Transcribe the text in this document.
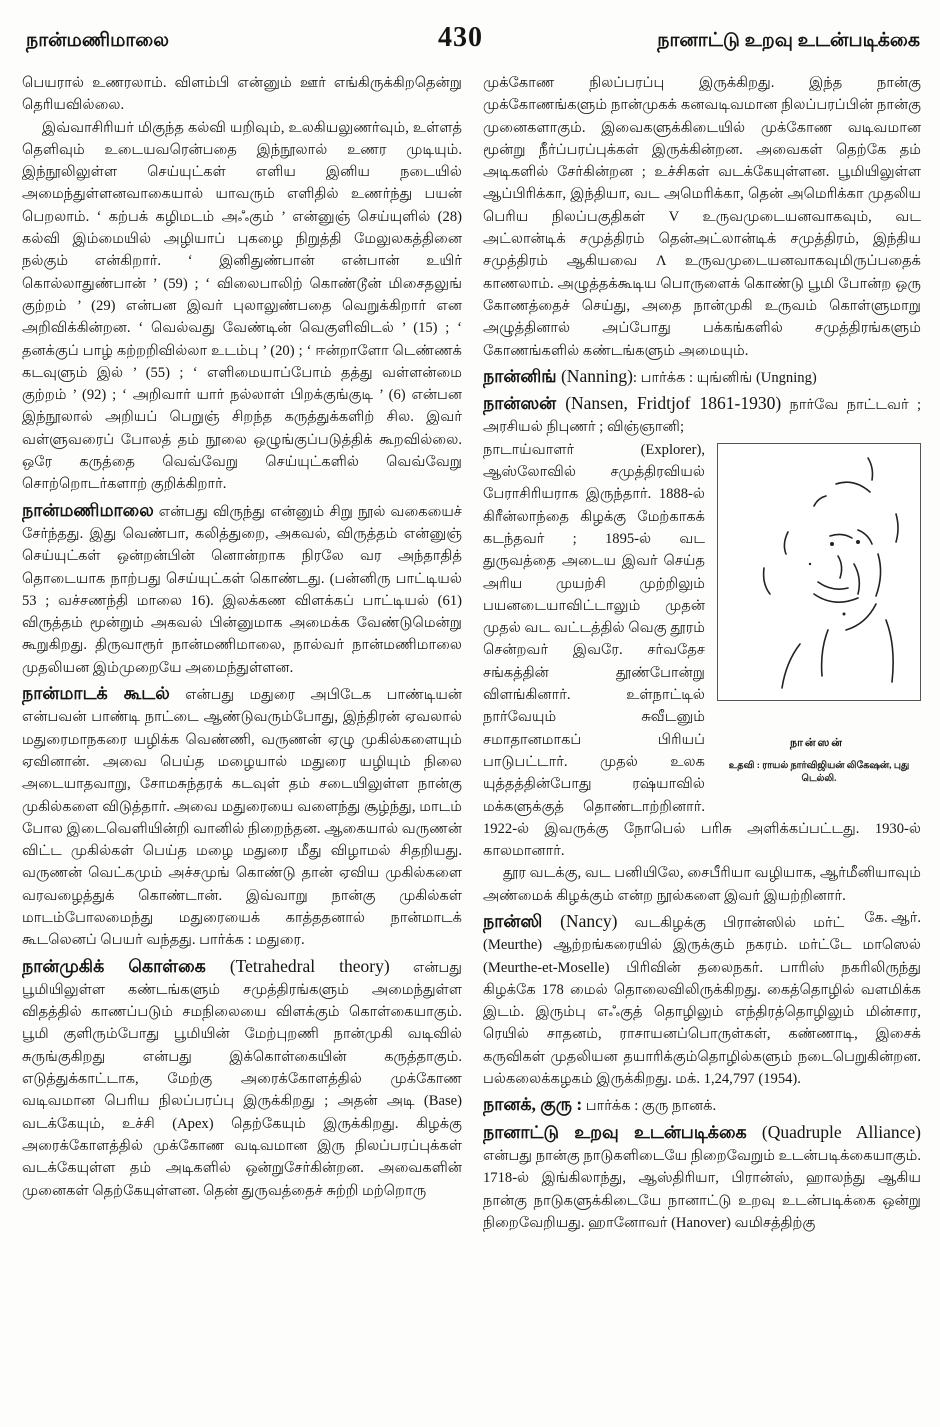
நான்மணிமாலை	430	நானாட்டு உறவு உடன்படிக்கை

பெயரால் உணரலாம். விளம்பி என்னும் ஊர் எங்கிருக்கிறதென்று தெரியவில்லை.

இவ்வாசிரியர் மிகுந்த கல்வி யறிவும், உலகியலுணர்வும், உள்ளத் தெளிவும் உடையவரென்பதை இந்நூலால் உணர முடியும். இந்நூலிலுள்ள செய்யுட்கள் எளிய இனிய நடையில் அமைந்துள்ளனவாகையால் யாவரும் எளிதில் உணர்ந்து பயன் பெறலாம். ‘ கற்பக் கழிமடம் அஃகும் ’ என்னுஞ் செய்யுளில் (28) கல்வி இம்மையில் அழியாப் புகழை நிறுத்தி மேலுலகத்தினை நல்கும் என்கிறார். ‘ இனிதுண்பான் என்பான் உயிர் கொல்லாதுண்பான் ’ (59) ; ‘ விலைபாலிற் கொண்டூன் மிசைதலுங் குற்றம் ’ (29) என்பன இவர் புலாலுண்பதை வெறுக்கிறார் என அறிவிக்கின்றன. ‘ வெல்வது வேண்டின் வெகுளிவிடல் ’ (15) ; ‘ தனக்குப் பாழ் கற்றறிவில்லா உடம்பு ’ (20) ; ‘ ஈன்றாளோ டெண்ணக் கடவுளும் இல் ’ (55) ; ‘ எளிமையாப்போம் தத்து வள்ளன்மை குற்றம் ’ (92) ; ‘ அறிவார் யார் நல்லாள் பிறக்குங்குடி ’ (6) என்பன இந்நூலால் அறியப் பெறுஞ் சிறந்த கருத்துக்களிற் சில. இவர் வள்ளுவரைப் போலத் தம் நூலை ஒழுங்குப்படுத்திக் கூறவில்லை. ஒரே கருத்தை வெவ்வேறு செய்யுட்களில் வெவ்வேறு சொற்றொடர்களாற் குறிக்கிறார்.

நான்மணிமாலை என்பது விருந்து என்னும் சிறு நூல் வகையைச் சேர்ந்தது. இது வெண்பா, கலித்துறை, அகவல், விருத்தம் என்னுஞ் செய்யுட்கள் ஒன்றன்பின் னொன்றாக நிரலே வர அந்தாதித் தொடையாக நாற்பது செய்யுட்கள் கொண்டது. (பன்னிரு பாட்டியல் 53 ; வச்சணந்தி மாலை 16). இலக்கண விளக்கப் பாட்டியல் (61) விருத்தம் மூன்றும் அகவல் பின்னுமாக அமைக்க வேண்டுமென்று கூறுகிறது. திருவாரூர் நான்மணிமாலை, நால்வர் நான்மணிமாலை முதலியன இம்முறையே அமைந்துள்ளன.

நான்மாடக் கூடல் என்பது மதுரை அபிடேக பாண்டியன் என்பவன் பாண்டி நாட்டை ஆண்டுவரும்போது, இந்திரன் ஏவலால் மதுரைமாநகரை யழிக்க வெண்ணி, வருணன் ஏழு முகில்களையும் ஏவினான். அவை பெய்த மழையால் மதுரை யழியும் நிலை அடையாதவாறு, சோமசுந்தரக் கடவுள் தம் சடையிலுள்ள நான்கு முகில்களை விடுத்தார். அவை மதுரையை வளைந்து சூழ்ந்து, மாடம் போல இடைவெளியின்றி வானில் நிறைந்தன. ஆகையால் வருணன் விட்ட முகில்கள் பெய்த மழை மதுரை மீது விழாமல் சிதறியது. வருணன் வெட்கமும் அச்சமுங் கொண்டு தான் ஏவிய முகில்களை வரவழைத்துக் கொண்டான். இவ்வாறு நான்கு முகில்கள் மாடம்போலமைந்து மதுரையைக் காத்ததனால் நான்மாடக் கூடலெனப் பெயர் வந்தது. பார்க்க : மதுரை.

நான்முகிக் கொள்கை (Tetrahedral theory) என்பது பூமியிலுள்ள கண்டங்களும் சமுத்திரங்களும் அமைந்துள்ள விதத்தில் காணப்படும் சமநிலையை விளக்கும் கொள்கையாகும். பூமி குளிரும்போது பூமியின் மேற்புறணி நான்முகி வடிவில் சுருங்குகிறது என்பது இக்கொள்கையின் கருத்தாகும். எடுத்துக்காட்டாக, மேற்கு அரைக்கோளத்தில் முக்கோண வடிவமான பெரிய நிலப்பரப்பு இருக்கிறது ; அதன் அடி (Base) வடக்கேயும், உச்சி (Apex) தெற்கேயும் இருக்கிறது. கிழக்கு அரைக்கோளத்தில் முக்கோண வடிவமான இரு நிலப்பரப்புக்கள் வடக்கேயுள்ள தம் அடிகளில் ஒன்றுசேர்கின்றன. அவைகளின் முனைகள் தெற்கேயுள்ளன. தென் துருவத்தைச் சுற்றி மற்றொரு

முக்கோண நிலப்பரப்பு இருக்கிறது. இந்த நான்கு முக்கோணங்களும் நான்முகக் கனவடிவமான நிலப்பரப்பின் நான்கு முனைகளாகும். இவைகளுக்கிடையில் முக்கோண வடிவமான மூன்று நீர்ப்பரப்புக்கள் இருக்கின்றன. அவைகள் தெற்கே தம் அடிகளில் சேர்கின்றன ; உச்சிகள் வடக்கேயுள்ளன. பூமியிலுள்ள ஆப்பிரிக்கா, இந்தியா, வட அமெரிக்கா, தென் அமெரிக்கா முதலிய பெரிய நிலப்பகுதிகள் V உருவமுடையனவாகவும், வட அட்லான்டிக் சமுத்திரம் தென்அட்லான்டிக் சமுத்திரம், இந்திய சமுத்திரம் ஆகியவை Λ உருவமுடையனவாகவுமிருப்பதைக் காணலாம். அழுத்தக்கூடிய பொருளைக் கொண்டு பூமி போன்ற ஒரு கோணத்தைச் செய்து, அதை நான்முகி உருவம் கொள்ளுமாறு அழுத்தினால் அப்போது பக்கங்களில் சமுத்திரங்களும் கோணங்களில் கண்டங்களும் அமையும்.

நான்னிங் (Nanning): பார்க்க : யுங்னிங் (Ungning)

நான்ஸன் (Nansen, Fridtjof 1861-1930) நார்வே நாட்டவர் ; அரசியல் நிபுணர் ; விஞ்ஞானி;

நான்ஸன்
உதவி : ராயல் நார்விஜியன் லிகேஷன், புது டெல்லி.
நாடாய்வாளர் (Explorer), ஆஸ்லோவில் சமுத்திரவியல் பேராசிரியராக இருந்தார். 1888-ல் கிரீன்லாந்தை கிழக்கு மேற்காகக் கடந்தவர் ; 1895-ல் வட துருவத்தை அடைய இவர் செய்த அரிய முயற்சி முற்றிலும் பயனடையாவிட்டாலும் முதன் முதல் வட வட்டத்தில் வெகு தூரம் சென்றவர் இவரே. சர்வதேச சங்கத்தின் தூண்போன்று விளங்கினார். உள்நாட்டில் நார்வேயும் சுவீடனும் சமாதானமாகப் பிரியப் பாடுபட்டார். முதல் உலக யுத்தத்தின்போது ரஷ்யாவில் மக்களுக்குத் தொண்டாற்றினார். 1922-ல் இவருக்கு நோபெல் பரிசு அளிக்கப்பட்டது. 1930-ல் காலமானார்.

தூர வடக்கு, வட பனியிலே, சைபீரியா வழியாக, ஆர்மீனியாவும் அண்மைக் கிழக்கும் என்ற நூல்களை இவர் இயற்றினார்.
கே. ஆர்.

நான்ஸி (Nancy) வடகிழக்கு பிரான்ஸில் மர்ட் (Meurthe) ஆற்றங்கரையில் இருக்கும் நகரம். மர்ட்டே மாஸெல் (Meurthe-et-Moselle) பிரிவின் தலைநகர். பாரிஸ் நகரிலிருந்து கிழக்கே 178 மைல் தொலைவிலிருக்கிறது. கைத்தொழில் வளமிக்க இடம். இரும்பு எஃகுத் தொழிலும் எந்திரத்தொழிலும் மின்சார, ரெயில் சாதனம், ராசாயனப்பொருள்கள், கண்ணாடி, இசைக் கருவிகள் முதலியன தயாரிக்கும்தொழில்களும் நடைபெறுகின்றன. பல்கலைக்கழகம் இருக்கிறது. மக். 1,24,797 (1954).

நானக், குரு : பார்க்க : குரு நானக்.

நானாட்டு உறவு உடன்படிக்கை (Quadruple Alliance) என்பது நான்கு நாடுகளிடையே நிறைவேறும் உடன்படிக்கையாகும். 1718-ல் இங்கிலாந்து, ஆஸ்திரியா, பிரான்ஸ், ஹாலந்து ஆகிய நான்கு நாடுகளுக்கிடையே நானாட்டு உறவு உடன்படிக்கை ஒன்று நிறைவேறியது. ஹானோவர் (Hanover) வமிசத்திற்கு
